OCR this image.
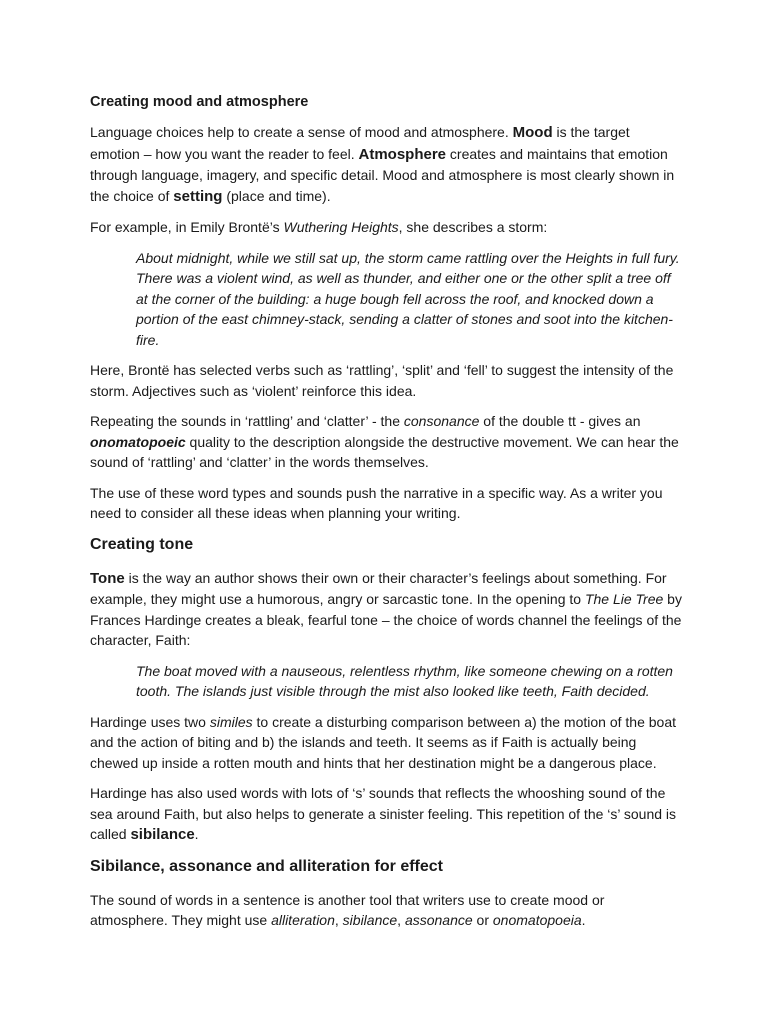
Creating mood and atmosphere

Language choices help to create a sense of mood and atmosphere. Mood is the target emotion – how you want the reader to feel. Atmosphere creates and maintains that emotion through language, imagery, and specific detail. Mood and atmosphere is most clearly shown in the choice of setting (place and time).

For example, in Emily Brontë’s Wuthering Heights, she describes a storm:

About midnight, while we still sat up, the storm came rattling over the Heights in full fury. There was a violent wind, as well as thunder, and either one or the other split a tree off at the corner of the building: a huge bough fell across the roof, and knocked down a portion of the east chimney-stack, sending a clatter of stones and soot into the kitchen-fire.

Here, Brontë has selected verbs such as ‘rattling’, ‘split’ and ‘fell’ to suggest the intensity of the storm. Adjectives such as ‘violent’ reinforce this idea.

Repeating the sounds in ‘rattling’ and ‘clatter’ - the consonance of the double tt - gives an onomatopoeic quality to the description alongside the destructive movement. We can hear the sound of ‘rattling’ and ‘clatter’ in the words themselves.

The use of these word types and sounds push the narrative in a specific way. As a writer you need to consider all these ideas when planning your writing.

Creating tone

Tone is the way an author shows their own or their character’s feelings about something. For example, they might use a humorous, angry or sarcastic tone. In the opening to The Lie Tree by Frances Hardinge creates a bleak, fearful tone – the choice of words channel the feelings of the character, Faith:

The boat moved with a nauseous, relentless rhythm, like someone chewing on a rotten tooth. The islands just visible through the mist also looked like teeth, Faith decided.

Hardinge uses two similes to create a disturbing comparison between a) the motion of the boat and the action of biting and b) the islands and teeth. It seems as if Faith is actually being chewed up inside a rotten mouth and hints that her destination might be a dangerous place.

Hardinge has also used words with lots of ‘s’ sounds that reflects the whooshing sound of the sea around Faith, but also helps to generate a sinister feeling. This repetition of the ‘s’ sound is called sibilance.

Sibilance, assonance and alliteration for effect

The sound of words in a sentence is another tool that writers use to create mood or atmosphere. They might use alliteration, sibilance, assonance or onomatopoeia.
